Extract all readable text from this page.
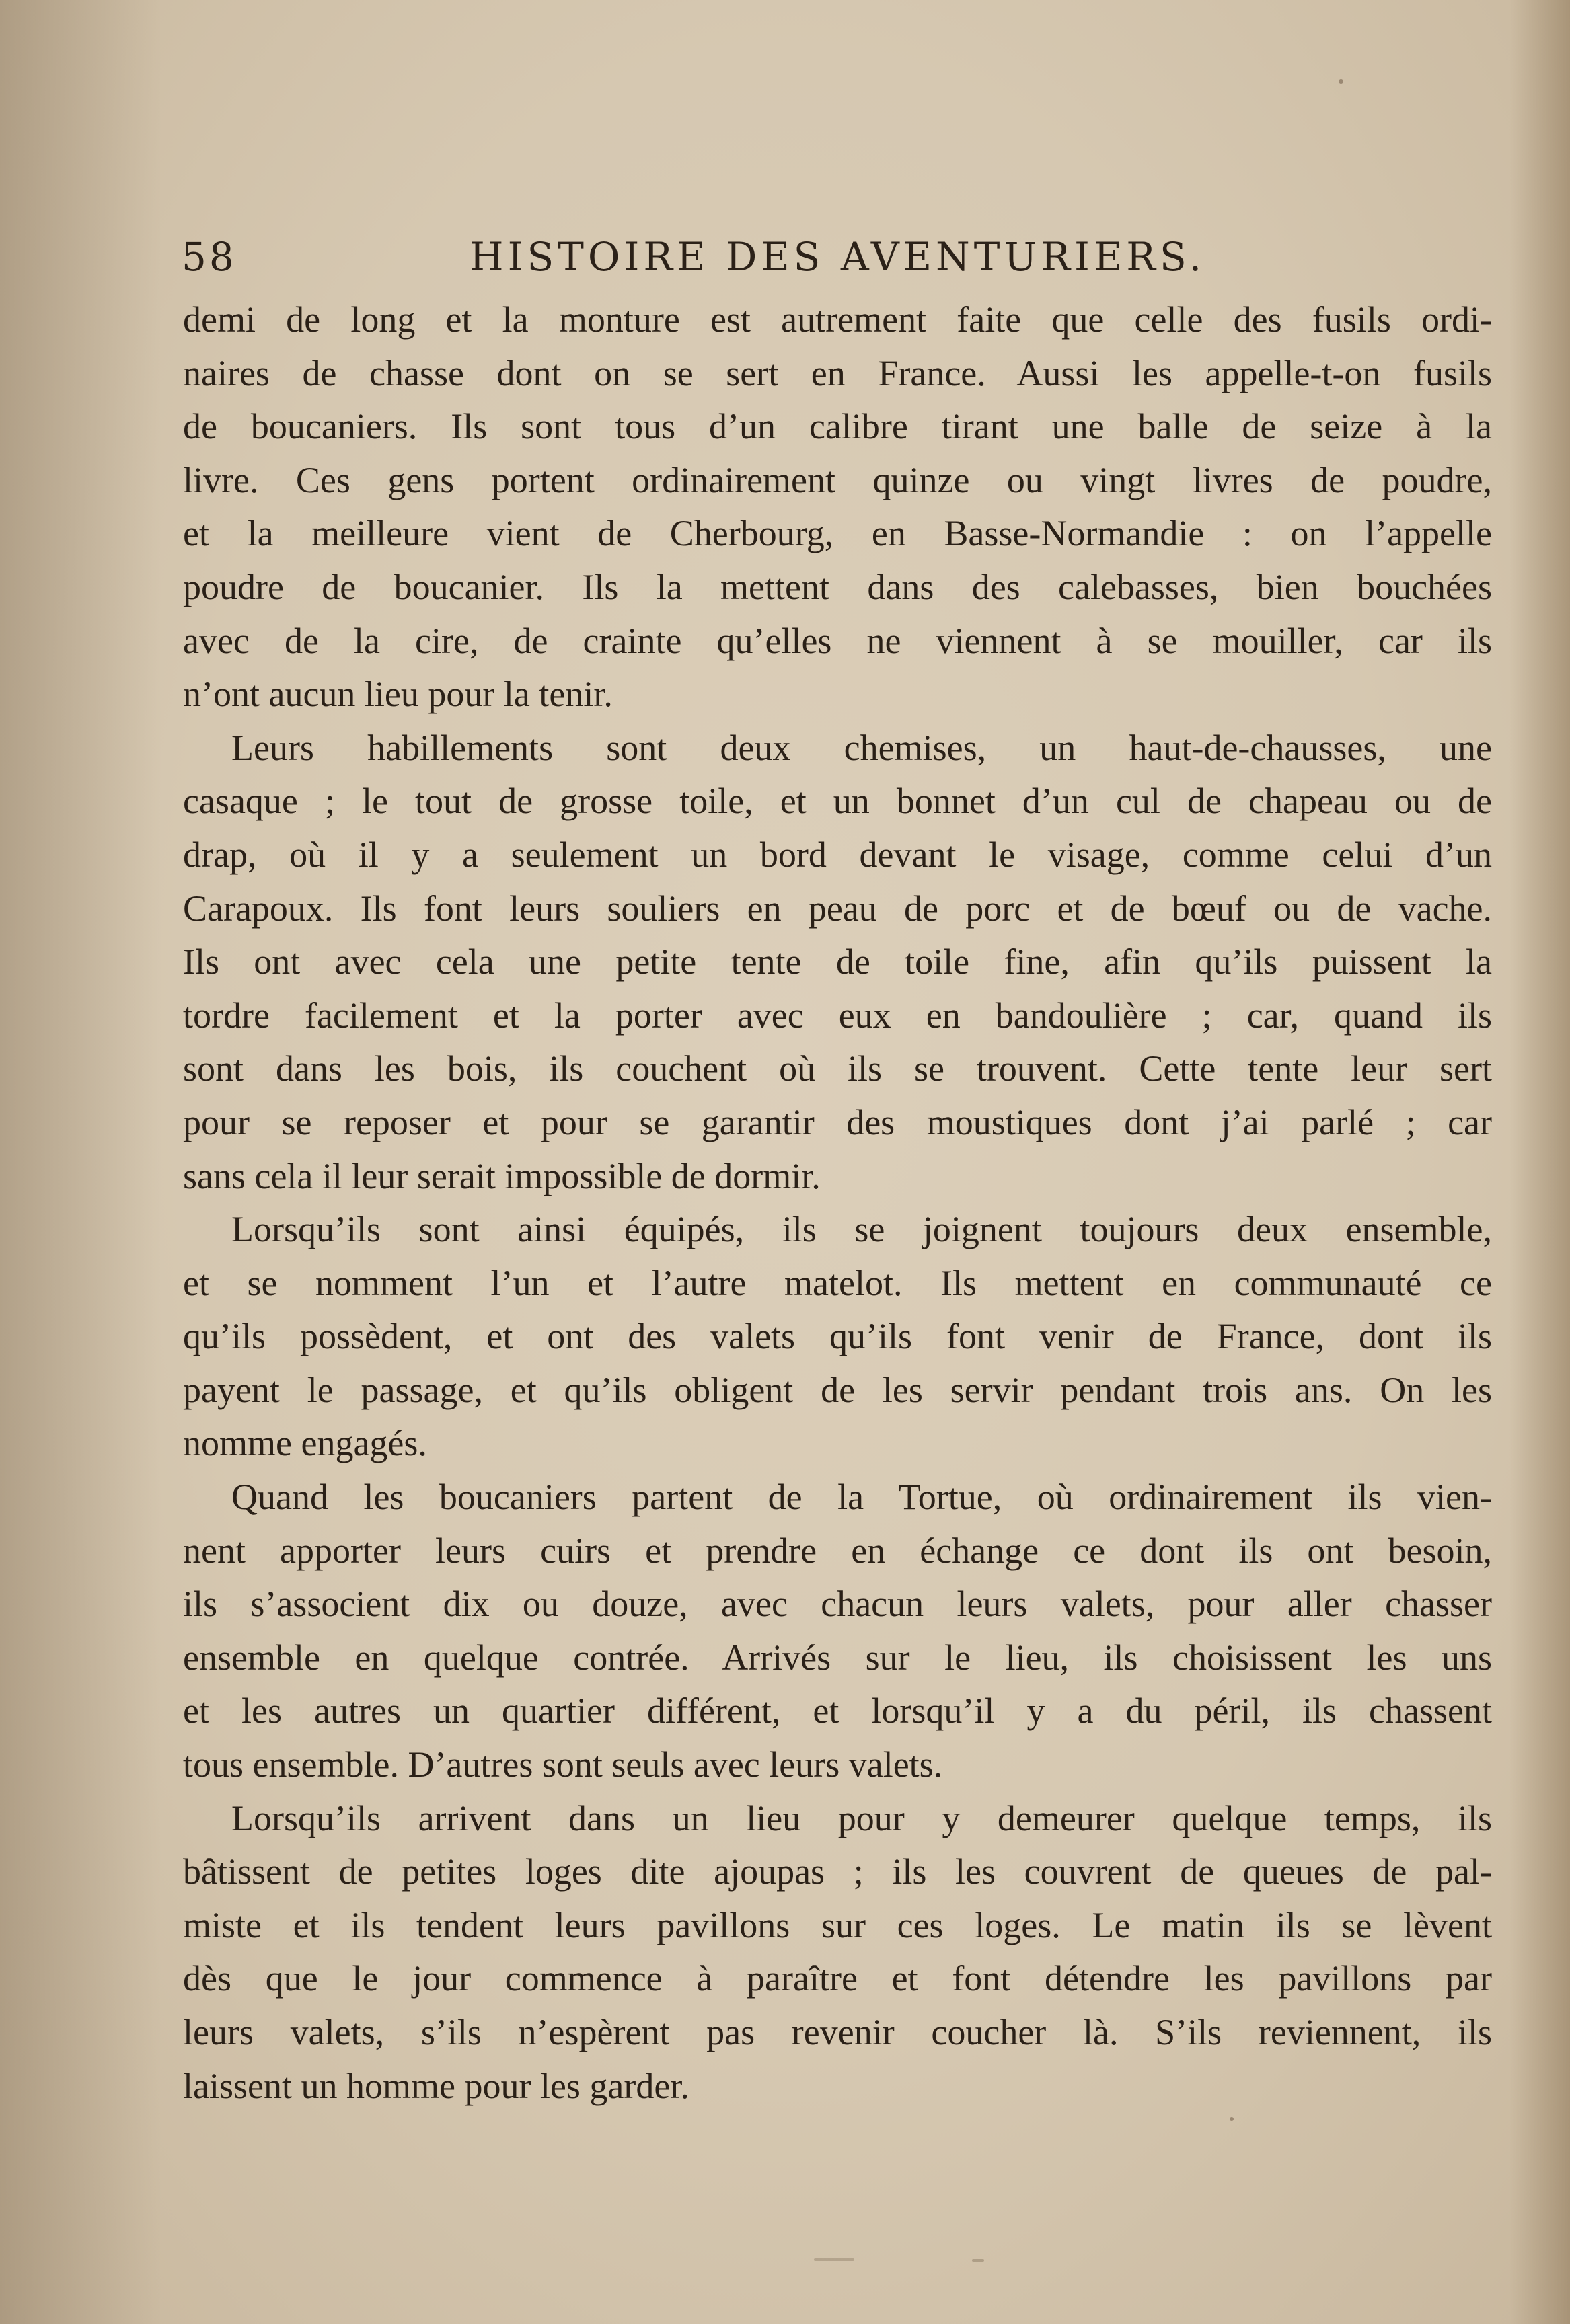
58	HISTOIRE DES AVENTURIERS.
demi de long et la monture est autrement faite que celle des fusils ordi-
naires de chasse dont on se sert en France. Aussi les appelle-t-on fusils
de boucaniers. Ils sont tous d’un calibre tirant une balle de seize à la
livre. Ces gens portent ordinairement quinze ou vingt livres de poudre,
et la meilleure vient de Cherbourg, en Basse-Normandie : on l’appelle
poudre de boucanier. Ils la mettent dans des calebasses, bien bouchées
avec de la cire, de crainte qu’elles ne viennent à se mouiller, car ils
n’ont aucun lieu pour la tenir.
Leurs habillements sont deux chemises, un haut-de-chausses, une
casaque ; le tout de grosse toile, et un bonnet d’un cul de chapeau ou de
drap, où il y a seulement un bord devant le visage, comme celui d’un
Carapoux. Ils font leurs souliers en peau de porc et de bœuf ou de vache.
Ils ont avec cela une petite tente de toile fine, afin qu’ils puissent la
tordre facilement et la porter avec eux en bandoulière ; car, quand ils
sont dans les bois, ils couchent où ils se trouvent. Cette tente leur sert
pour se reposer et pour se garantir des moustiques dont j’ai parlé ; car
sans cela il leur serait impossible de dormir.
Lorsqu’ils sont ainsi équipés, ils se joignent toujours deux ensemble,
et se nomment l’un et l’autre matelot. Ils mettent en communauté ce
qu’ils possèdent, et ont des valets qu’ils font venir de France, dont ils
payent le passage, et qu’ils obligent de les servir pendant trois ans. On les
nomme engagés.
Quand les boucaniers partent de la Tortue, où ordinairement ils vien-
nent apporter leurs cuirs et prendre en échange ce dont ils ont besoin,
ils s’associent dix ou douze, avec chacun leurs valets, pour aller chasser
ensemble en quelque contrée. Arrivés sur le lieu, ils choisissent les uns
et les autres un quartier différent, et lorsqu’il y a du péril, ils chassent
tous ensemble. D’autres sont seuls avec leurs valets.
Lorsqu’ils arrivent dans un lieu pour y demeurer quelque temps, ils
bâtissent de petites loges dite ajoupas ; ils les couvrent de queues de pal-
miste et ils tendent leurs pavillons sur ces loges. Le matin ils se lèvent
dès que le jour commence à paraître et font détendre les pavillons par
leurs valets, s’ils n’espèrent pas revenir coucher là. S’ils reviennent, ils
laissent un homme pour les garder.
